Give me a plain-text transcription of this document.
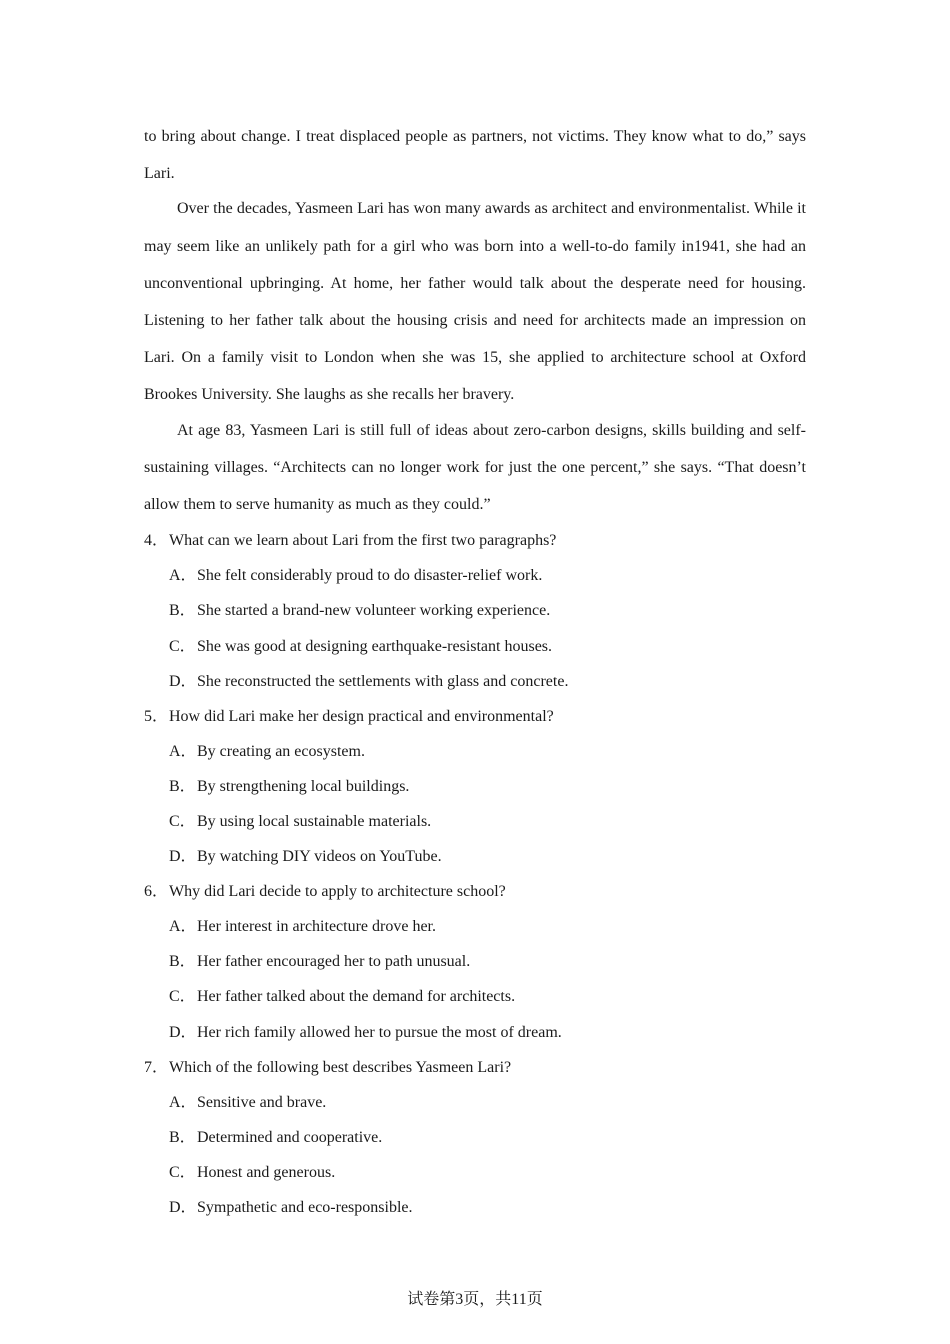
to bring about change. I treat displaced people as partners, not victims. They know what to do,” says Lari.

Over the decades, Yasmeen Lari has won many awards as architect and environmentalist. While it may seem like an unlikely path for a girl who was born into a well-to-do family in1941, she had an unconventional upbringing. At home, her father would talk about the desperate need for housing. Listening to her father talk about the housing crisis and need for architects made an impression on Lari. On a family visit to London when she was 15, she applied to architecture school at Oxford Brookes University. She laughs as she recalls her bravery.

At age 83, Yasmeen Lari is still full of ideas about zero-carbon designs, skills building and self-sustaining villages. “Architects can no longer work for just the one percent,” she says. “That doesn’t allow them to serve humanity as much as they could.”

4．What can we learn about Lari from the first two paragraphs?

A．She felt considerably proud to do disaster-relief work.

B．She started a brand-new volunteer working experience.

C．She was good at designing earthquake-resistant houses.

D．She reconstructed the settlements with glass and concrete.

5．How did Lari make her design practical and environmental?

A．By creating an ecosystem.

B．By strengthening local buildings.

C．By using local sustainable materials.

D．By watching DIY videos on YouTube.

6．Why did Lari decide to apply to architecture school?

A．Her interest in architecture drove her.

B．Her father encouraged her to path unusual.

C．Her father talked about the demand for architects.

D．Her rich family allowed her to pursue the most of dream.

7．Which of the following best describes Yasmeen Lari?

A．Sensitive and brave.

B．Determined and cooperative.

C．Honest and generous.

D．Sympathetic and eco-responsible.

试卷第3页，共11页
